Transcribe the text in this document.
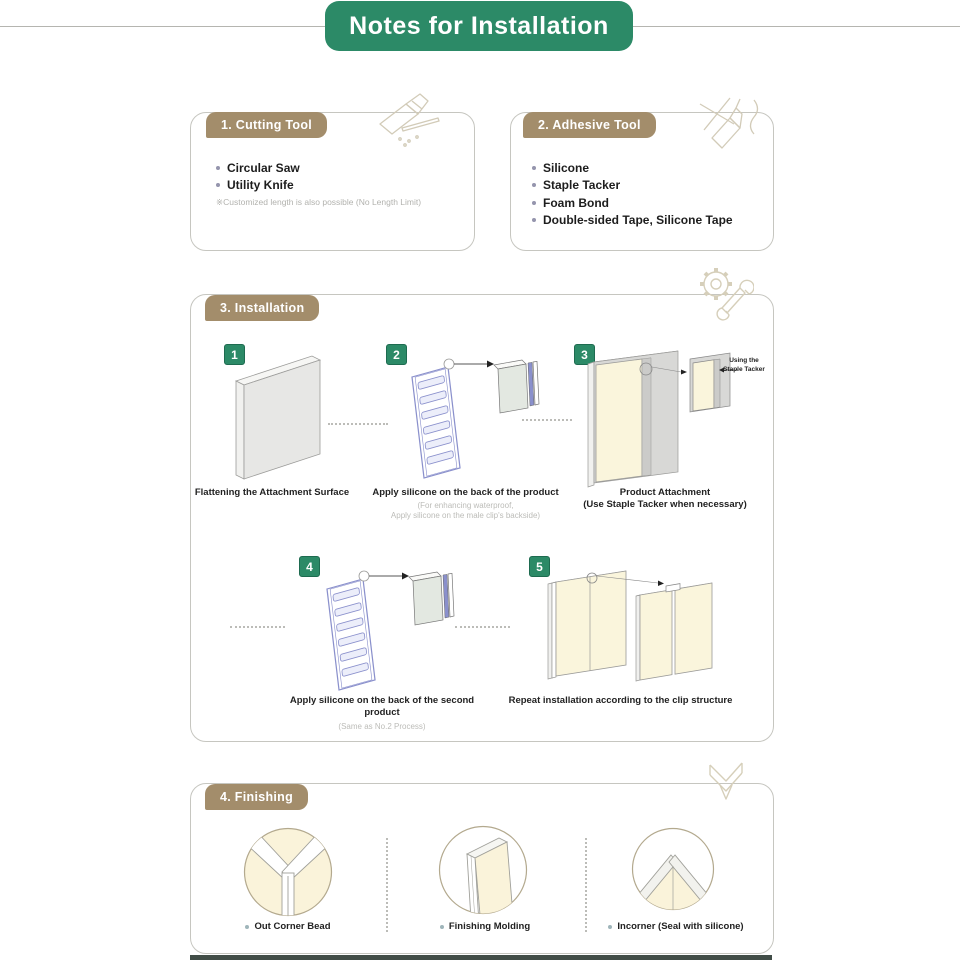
Notes for Installation
1. Cutting Tool
Circular Saw
Utility Knife
※Customized length is also possible (No Length Limit)
2. Adhesive Tool
Silicone
Staple Tacker
Foam Bond
Double-sided Tape, Silicone Tape
3. Installation
1
Flattening the Attachment Surface
2
Apply silicone on the back of the product
(For enhancing waterproof,
Apply silicone on the male clip's backside)
3	Using the
Staple Tacker
Product Attachment
(Use Staple Tacker when necessary)
4
Apply silicone on the back of the second product
(Same as No.2 Process)
5
Repeat installation according to the clip structure
4. Finishing
Out Corner Bead	Finishing Molding	Incorner (Seal with silicone)
